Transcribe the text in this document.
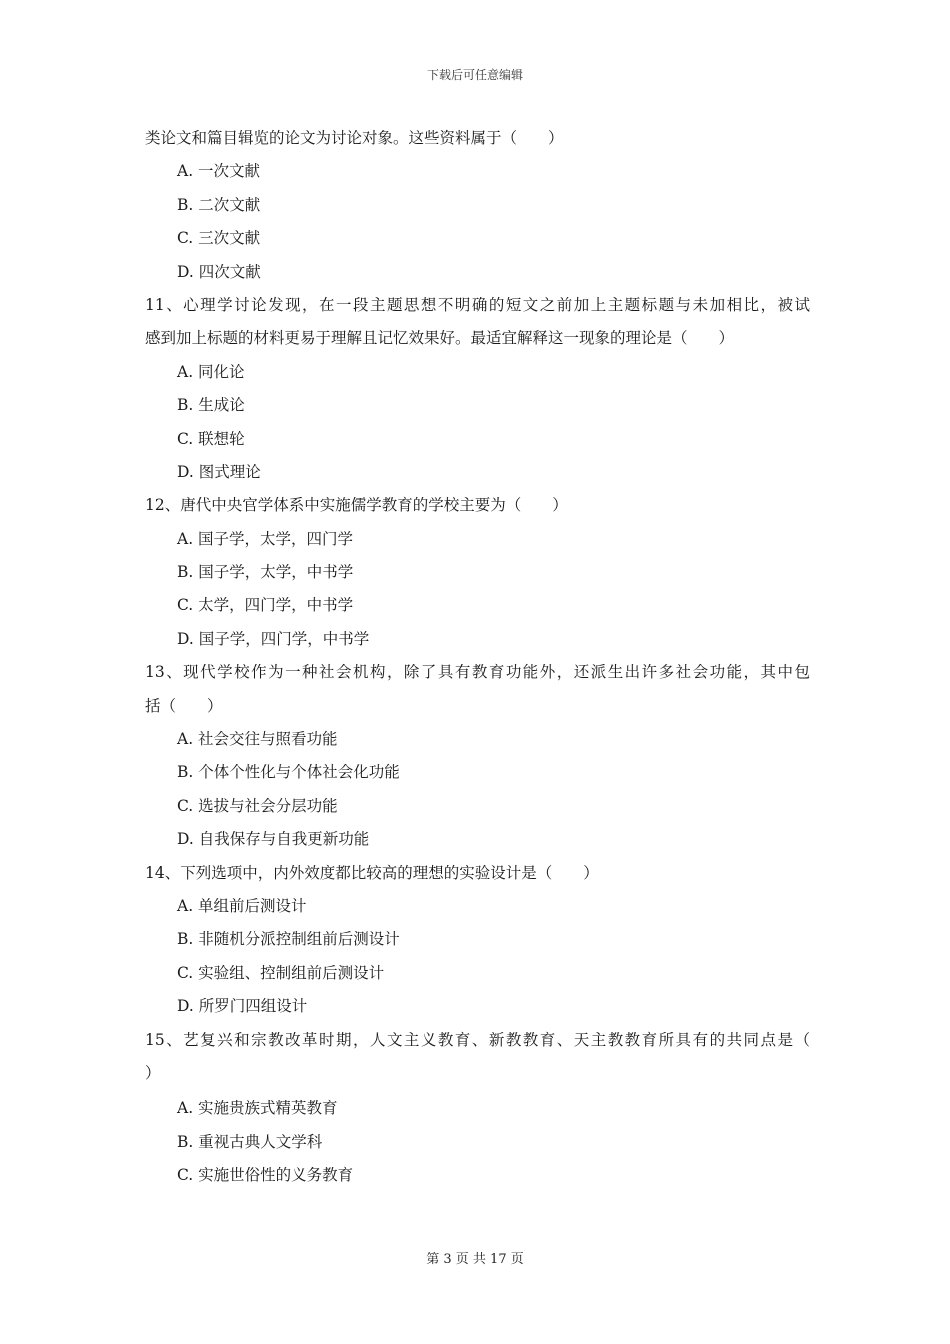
下载后可任意编辑
类论文和篇目辑览的论文为讨论对象。这些资料属于（　　）
A. 一次文献
B. 二次文献
C. 三次文献
D. 四次文献
11、心理学讨论发现，在一段主题思想不明确的短文之前加上主题标题与未加相比，被试
感到加上标题的材料更易于理解且记忆效果好。最适宜解释这一现象的理论是（　　）
A. 同化论
B. 生成论
C. 联想轮
D. 图式理论
12、唐代中央官学体系中实施儒学教育的学校主要为（　　）
A. 国子学，太学，四门学
B. 国子学，太学，中书学
C. 太学，四门学，中书学
D. 国子学，四门学，中书学
13、现代学校作为一种社会机构，除了具有教育功能外，还派生出许多社会功能，其中包
括（　　）
A. 社会交往与照看功能
B. 个体个性化与个体社会化功能
C. 选拔与社会分层功能
D. 自我保存与自我更新功能
14、下列选项中，内外效度都比较高的理想的实验设计是（　　）
A. 单组前后测设计
B. 非随机分派控制组前后测设计
C. 实验组、控制组前后测设计
D. 所罗门四组设计
15、艺复兴和宗教改革时期，人文主义教育、新教教育、天主教教育所具有的共同点是（
）
A. 实施贵族式精英教育
B. 重视古典人文学科
C. 实施世俗性的义务教育
第 3 页 共 17 页
